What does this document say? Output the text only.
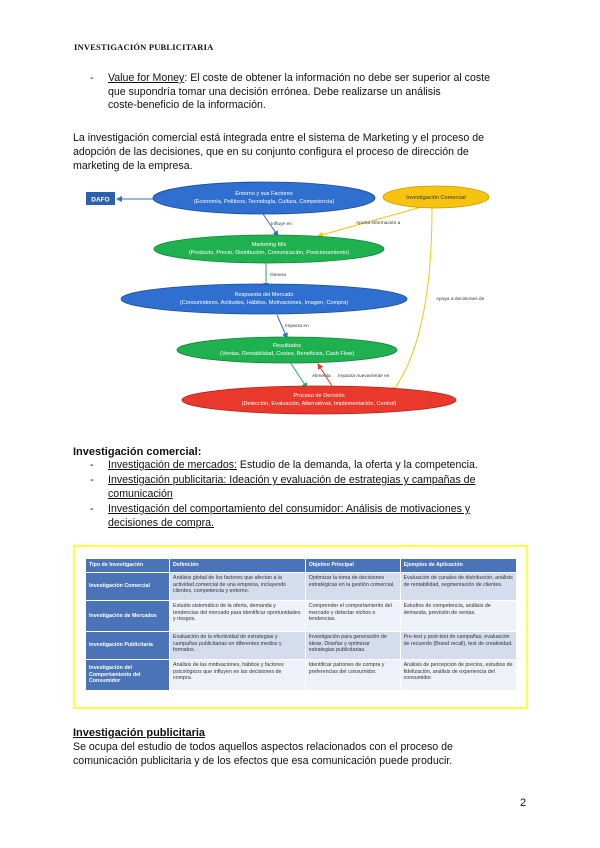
INVESTIGACIÓN PUBLICITARIA
- Value for Money: El coste de obtener la información no debe ser superior al coste
que supondría tomar una decisión errónea. Debe realizarse un análisis
coste-beneficio de la información.
La investigación comercial está integrada entre el sistema de Marketing y el proceso de
adopción de las decisiones, que en su conjunto configura el proceso de dirección de
marketing de la empresa.
DAFO
Entorno y sus Factores
(Economía, Políticos, Tecnología, Cultura, Competencia)
Investigación Comercial
Marketing Mix
(Producto, Precio, Distribución, Comunicación, Posicionamiento)
Respuesta del Mercado
(Consumidores, Actitudes, Hábitos, Motivaciones, Imagen, Compra)
Resultados
(Ventas, Rentabilidad, Costes, Beneficios, Cash Flow)
Proceso de Decisión
(Detección, Evaluación, Alternativas, Implementación, Control)
Influye en	Aporta información a
Genera
Impacta en
Alimenta Impacta nuevamente en
Apoya a decisiones de
Investigación comercial:
- Investigación de mercados: Estudio de la demanda, la oferta y la competencia.
- Investigación publicitaria: Ideación y evaluación de estrategias y campañas de
comunicación
- Investigación del comportamiento del consumidor: Análisis de motivaciones y
decisiones de compra.
Tipo de Investigación	Definición	Objetivo Principal	Ejemplos de Aplicación
Investigación Comercial	Análisis global de los factores que afectan a la actividad comercial de una empresa, incluyendo clientes, competencia y entorno.	Optimizar la toma de decisiones estratégicas en la gestión comercial.	Evaluación de canales de distribución, análisis de rentabilidad, segmentación de clientes.
Investigación de Mercados	Estudio sistemático de la oferta, demanda y tendencias del mercado para identificar oportunidades y riesgos.	Comprender el comportamiento del mercado y detectar nichos o tendencias.	Estudios de competencia, análisis de demanda, previsión de ventas.
Investigación Publicitaria	Evaluación de la efectividad de estrategias y campañas publicitarias en diferentes medios y formatos.	Investigación para generación de ideas. Diseñar y optimizar estrategias publicitarias.	Pre-test y post-test de campañas, evaluación de recuerdo (Brand recall), test de creatividad.
Investigación del Comportamiento del Consumidor	Análisis de las motivaciones, hábitos y factores psicológicos que influyen en las decisiones de compra.	Identificar patrones de compra y preferencias del consumidor.	Análisis de percepción de precios, estudios de fidelización, análisis de experiencia del consumidor.
Investigación publicitaria
Se ocupa del estudio de todos aquellos aspectos relacionados con el proceso de
comunicación publicitaria y de los efectos que esa comunicación puede producir.
2
